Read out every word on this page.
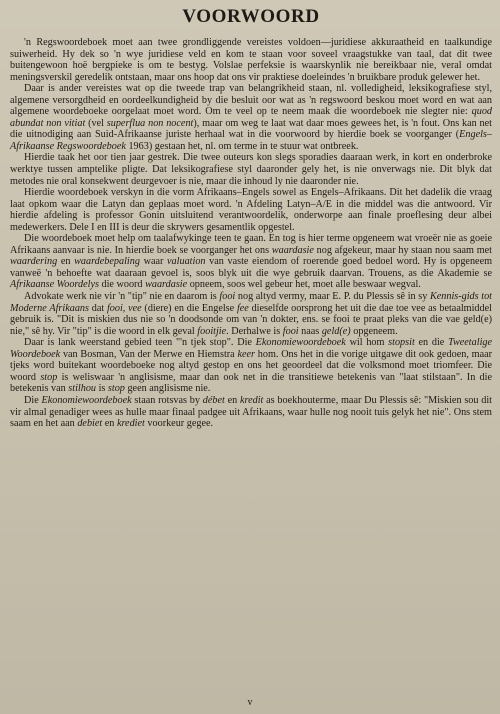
VOORWOORD

'n Regswoordeboek moet aan twee grondliggende vereistes voldoen—juridiese akkuraatheid en taalkundige suiwerheid. Hy dek so 'n wye juridiese veld en kom te staan voor soveel vraagstukke van taal, dat dit twee buitengewoon hoë bergpieke is om te bestyg. Volslae perfeksie is waarskynlik nie bereikbaar nie, veral omdat meningsverskil geredelik ontstaan, maar ons hoop dat ons vir praktiese doeleindes 'n bruikbare produk gelewer het.

Daar is ander vereistes wat op die tweede trap van belangrikheid staan, nl. volledigheid, leksikografiese styl, algemene versorgdheid en oordeelkundigheid by die besluit oor wat as 'n regswoord beskou moet word en wat aan algemene woordeboeke oorgelaat moet word. Om te veel op te neem maak die woordeboek nie slegter nie: quod abundat non vitiat (vel superflua non nocent), maar om weg te laat wat daar moes gewees het, is 'n fout. Ons kan net die uitnodiging aan Suid-Afrikaanse juriste herhaal wat in die voorwoord by hierdie boek se voorganger (Engels–Afrikaanse Regswoordeboek 1963) gestaan het, nl. om terme in te stuur wat ontbreek.

Hierdie taak het oor tien jaar gestrek. Die twee outeurs kon slegs sporadies daaraan werk, in kort en onderbroke werktye tussen amptelike pligte. Dat leksikografiese styl daaronder gely het, is nie onverwags nie. Dit blyk dat metodes nie oral konsekwent deurgevoer is nie, maar die inhoud ly nie daaronder nie.

Hierdie woordeboek verskyn in die vorm Afrikaans–Engels sowel as Engels–Afrikaans. Dit het dadelik die vraag laat opkom waar die Latyn dan geplaas moet word. 'n Afdeling Latyn–A/E in die middel was die antwoord. Vir hierdie afdeling is professor Gonin uitsluitend verantwoordelik, onderworpe aan finale proeflesing deur albei medewerkers. Dele I en III is deur die skrywers gesamentlik opgestel.

Die woordeboek moet help om taalafwykinge teen te gaan. En tog is hier terme opgeneem wat vroeër nie as goeie Afrikaans aanvaar is nie. In hierdie boek se voorganger het ons waardasie nog afgekeur, maar hy staan nou saam met waardering en waardebepaling waar valuation van vaste eiendom of roerende goed bedoel word. Hy is opgeneem vanweë 'n behoefte wat daaraan gevoel is, soos blyk uit die wye gebruik daarvan. Trouens, as die Akademie se Afrikaanse Woordelys die woord waardasie opneem, soos wel gebeur het, moet alle beswaar wegval.

Advokate werk nie vir 'n "tip" nie en daarom is fooi nog altyd vermy, maar E. P. du Plessis sê in sy Kennis-gids tot Moderne Afrikaans dat fooi, vee (diere) en die Engelse fee dieselfde oorsprong het uit die dae toe vee as betaalmiddel gebruik is. "Dit is miskien dus nie so 'n doodsonde om van 'n dokter, ens. se fooi te praat pleks van die vae geld(e) nie," sê hy. Vir "tip" is die woord in elk geval fooitjie. Derhalwe is fooi naas geld(e) opgeneem.

Daar is lank weerstand gebied teen "'n tjek stop". Die Ekonomiewoordeboek wil hom stopsit en die Tweetalige Woordeboek van Bosman, Van der Merwe en Hiemstra keer hom. Ons het in die vorige uitgawe dit ook gedoen, maar tjeks word buitekant woordeboeke nog altyd gestop en ons het geoordeel dat die volksmond moet triomfeer. Die woord stop is weliswaar 'n anglisisme, maar dan ook net in die transitiewe betekenis van "laat stilstaan". In die betekenis van stilhou is stop geen anglisisme nie.

Die Ekonomiewoordeboek staan rotsvas by débet en kredit as boekhouterme, maar Du Plessis sê: "Miskien sou dit vir almal genadiger wees as hulle maar finaal padgee uit Afrikaans, waar hulle nog nooit tuis gelyk het nie". Ons stem saam en het aan debiet en krediet voorkeur gegee.

v
